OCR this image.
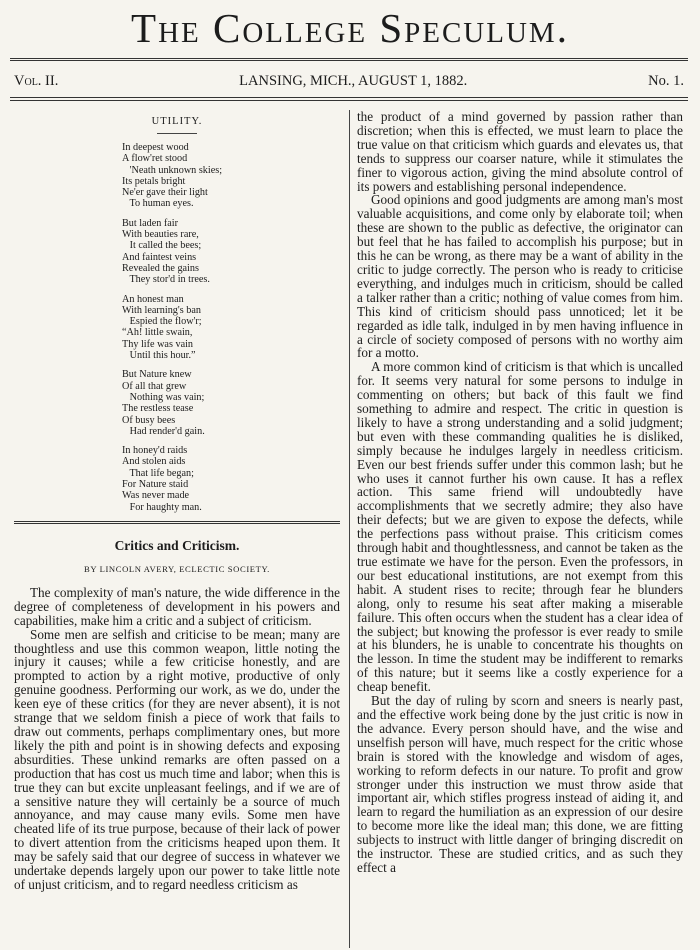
The College Speculum.
Vol. II.	LANSING, MICH., AUGUST 1, 1882.	No. 1.
UTILITY.
In deepest wood
A flow'ret stood
'Neath unknown skies;
Its petals bright
Ne'er gave their light
To human eyes.
But laden fair
With beauties rare,
It called the bees;
And faintest veins
Revealed the gains
They stor'd in trees.
An honest man
With learning's ban
Espied the flow'r;
“Ah! little swain,
Thy life was vain
Until this hour.”
But Nature knew
Of all that grew
Nothing was vain;
The restless tease
Of busy bees
Had render'd gain.
In honey'd raids
And stolen aids
That life began;
For Nature staid
Was never made
For haughty man.
Critics and Criticism.
BY LINCOLN AVERY, ECLECTIC SOCIETY.

The complexity of man's nature, the wide difference in the degree of completeness of development in his powers and capabilities, make him a critic and a subject of criticism.

Some men are selfish and criticise to be mean; many are thoughtless and use this common weapon, little noting the injury it causes; while a few criticise honestly, and are prompted to action by a right motive, productive of only genuine goodness. Performing our work, as we do, under the keen eye of these critics (for they are never absent), it is not strange that we seldom finish a piece of work that fails to draw out comments, perhaps complimentary ones, but more likely the pith and point is in showing defects and exposing absurdities. These unkind remarks are often passed on a production that has cost us much time and labor; when this is true they can but excite unpleasant feelings, and if we are of a sensitive nature they will certainly be a source of much annoyance, and may cause many evils. Some men have cheated life of its true purpose, because of their lack of power to divert attention from the criticisms heaped upon them. It may be safely said that our degree of success in whatever we undertake depends largely upon our power to take little note of unjust criticism, and to regard needless criticism as

the product of a mind governed by passion rather than discretion; when this is effected, we must learn to place the true value on that criticism which guards and elevates us, that tends to suppress our coarser nature, while it stimulates the finer to vigorous action, giving the mind absolute control of its powers and establishing personal independence.

Good opinions and good judgments are among man's most valuable acquisitions, and come only by elaborate toil; when these are shown to the public as defective, the originator can but feel that he has failed to accomplish his purpose; but in this he can be wrong, as there may be a want of ability in the critic to judge correctly. The person who is ready to criticise everything, and indulges much in criticism, should be called a talker rather than a critic; nothing of value comes from him. This kind of criticism should pass unnoticed; let it be regarded as idle talk, indulged in by men having influence in a circle of society composed of persons with no worthy aim for a motto.

A more common kind of criticism is that which is uncalled for. It seems very natural for some persons to indulge in commenting on others; but back of this fault we find something to admire and respect. The critic in question is likely to have a strong understanding and a solid judgment; but even with these commanding qualities he is disliked, simply because he indulges largely in needless criticism. Even our best friends suffer under this common lash; but he who uses it cannot further his own cause. It has a reflex action. This same friend will undoubtedly have accomplishments that we secretly admire; they also have their defects; but we are given to expose the defects, while the perfections pass without praise. This criticism comes through habit and thoughtlessness, and cannot be taken as the true estimate we have for the person. Even the professors, in our best educational institutions, are not exempt from this habit. A student rises to recite; through fear he blunders along, only to resume his seat after making a miserable failure. This often occurs when the student has a clear idea of the subject; but knowing the professor is ever ready to smile at his blunders, he is unable to concentrate his thoughts on the lesson. In time the student may be indifferent to remarks of this nature; but it seems like a costly experience for a cheap benefit.

But the day of ruling by scorn and sneers is nearly past, and the effective work being done by the just critic is now in the advance. Every person should have, and the wise and unselfish person will have, much respect for the critic whose brain is stored with the knowledge and wisdom of ages, working to reform defects in our nature. To profit and grow stronger under this instruction we must throw aside that important air, which stifles progress instead of aiding it, and learn to regard the humiliation as an expression of our desire to become more like the ideal man; this done, we are fitting subjects to instruct with little danger of bringing discredit on the instructor. These are studied critics, and as such they effect a
